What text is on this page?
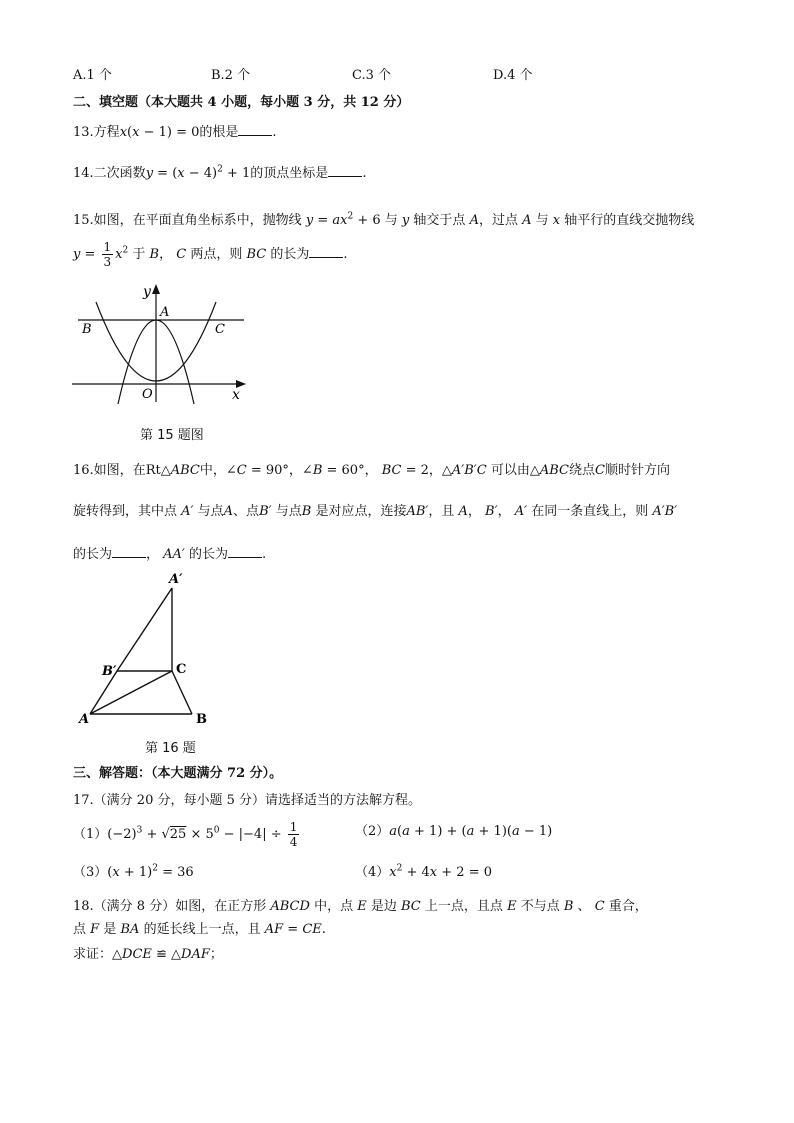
A.1 个	B.2 个	C.3 个	D.4 个
二、填空题（本大题共 4 小题，每小题 3 分，共 12 分）
13.方程x(x − 1) = 0的根是	.
14.二次函数$y = (x - 4)^2 + 1$的顶点坐标是	.
15.如图，在平面直角坐标系中，抛物线 $y = ax^2 + 6$ 与 y 轴交于点 A，过点 A 与 x 轴平行的直线交抛物线
$y = \frac{1}{3} x^2$ 于 B， C 两点，则 BC 的长为	.
y
A
B	C
O	x
第 15 题图
16.如图，在Rt△ABC中，∠C = 90°，∠B = 60°， BC = 2，△A′B′C 可以由△ABC绕点C顺时针方向
旋转得到，其中点 A′ 与点A、点B′ 与点B 是对应点，连接AB′，且 A， B′， A′ 在同一条直线上，则 A′B′
的长为	， AA′ 的长为	.
A′
B′	C
A	B
第 16 题
三、解答题：（本大题满分 72 分）。
17.（满分 20 分，每小题 5 分）请选择适当的方法解方程。
$(1)(-2)^3 + √25 \times 5^0 - |-4| \div \frac{1}{4}$	（2）a(a + 1) + (a + 1)(a − 1)
$(3)(x + 1)^2 = 36$	$(4)x^2 + 4x + 2 = 0$
18.（满分 8 分）如图，在正方形 ABCD 中，点 E 是边 BC 上一点，且点 E 不与点 B 、 C 重合，
点 F 是 BA 的延长线上一点，且 AF = CE.
求证：△DCE ≌ △DAF；
